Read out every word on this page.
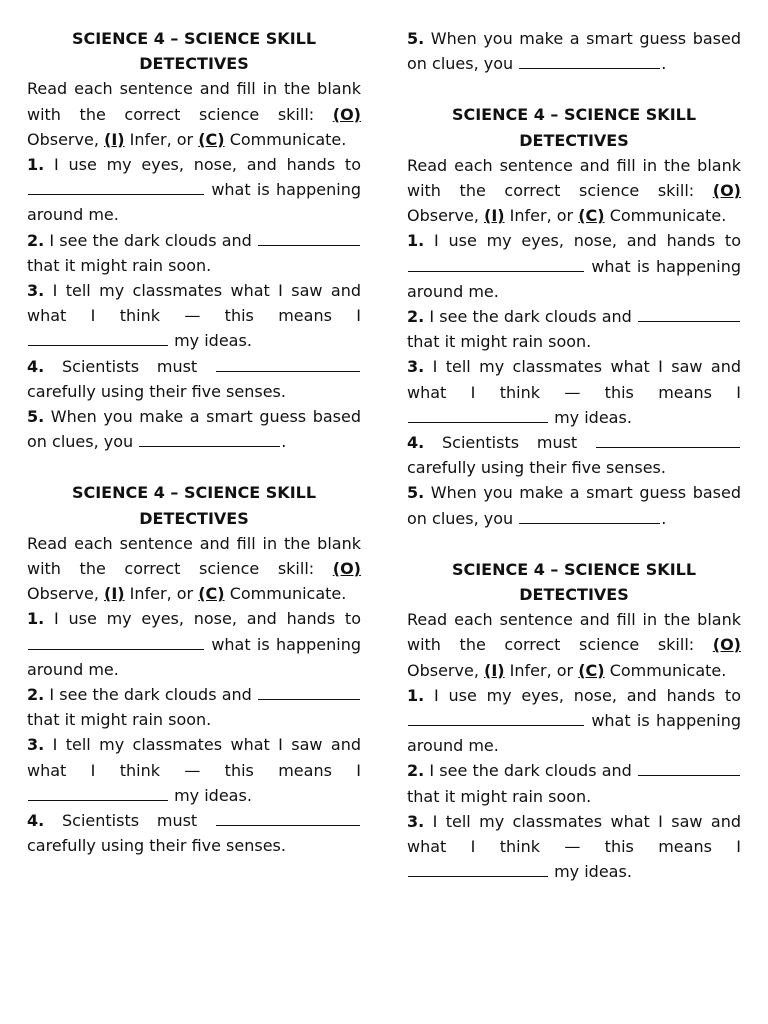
SCIENCE 4 – SCIENCE SKILL DETECTIVES

Read each sentence and fill in the blank with the correct science skill: (O) Observe, (I) Infer, or (C) Communicate.

1. I use my eyes, nose, and hands to  what is happening around me.

2. I see the dark clouds and  that it might rain soon.

3. I tell my classmates what I saw and what I think — this means I  my ideas.

4. Scientists must  carefully using their five senses.

5. When you make a smart guess based on clues, you	.

SCIENCE 4 – SCIENCE SKILL DETECTIVES

Read each sentence and fill in the blank with the correct science skill: (O) Observe, (I) Infer, or (C) Communicate.

1. I use my eyes, nose, and hands to  what is happening around me.

2. I see the dark clouds and  that it might rain soon.

3. I tell my classmates what I saw and what I think — this means I  my ideas.

4. Scientists must  carefully using their five senses.

5. When you make a smart guess based on clues, you	.

SCIENCE 4 – SCIENCE SKILL DETECTIVES

Read each sentence and fill in the blank with the correct science skill: (O) Observe, (I) Infer, or (C) Communicate.

1. I use my eyes, nose, and hands to  what is happening around me.

2. I see the dark clouds and  that it might rain soon.

3. I tell my classmates what I saw and what I think — this means I  my ideas.

4. Scientists must  carefully using their five senses.

5. When you make a smart guess based on clues, you	.

SCIENCE 4 – SCIENCE SKILL DETECTIVES

Read each sentence and fill in the blank with the correct science skill: (O) Observe, (I) Infer, or (C) Communicate.

1. I use my eyes, nose, and hands to  what is happening around me.

2. I see the dark clouds and  that it might rain soon.

3. I tell my classmates what I saw and what I think — this means I  my ideas.
